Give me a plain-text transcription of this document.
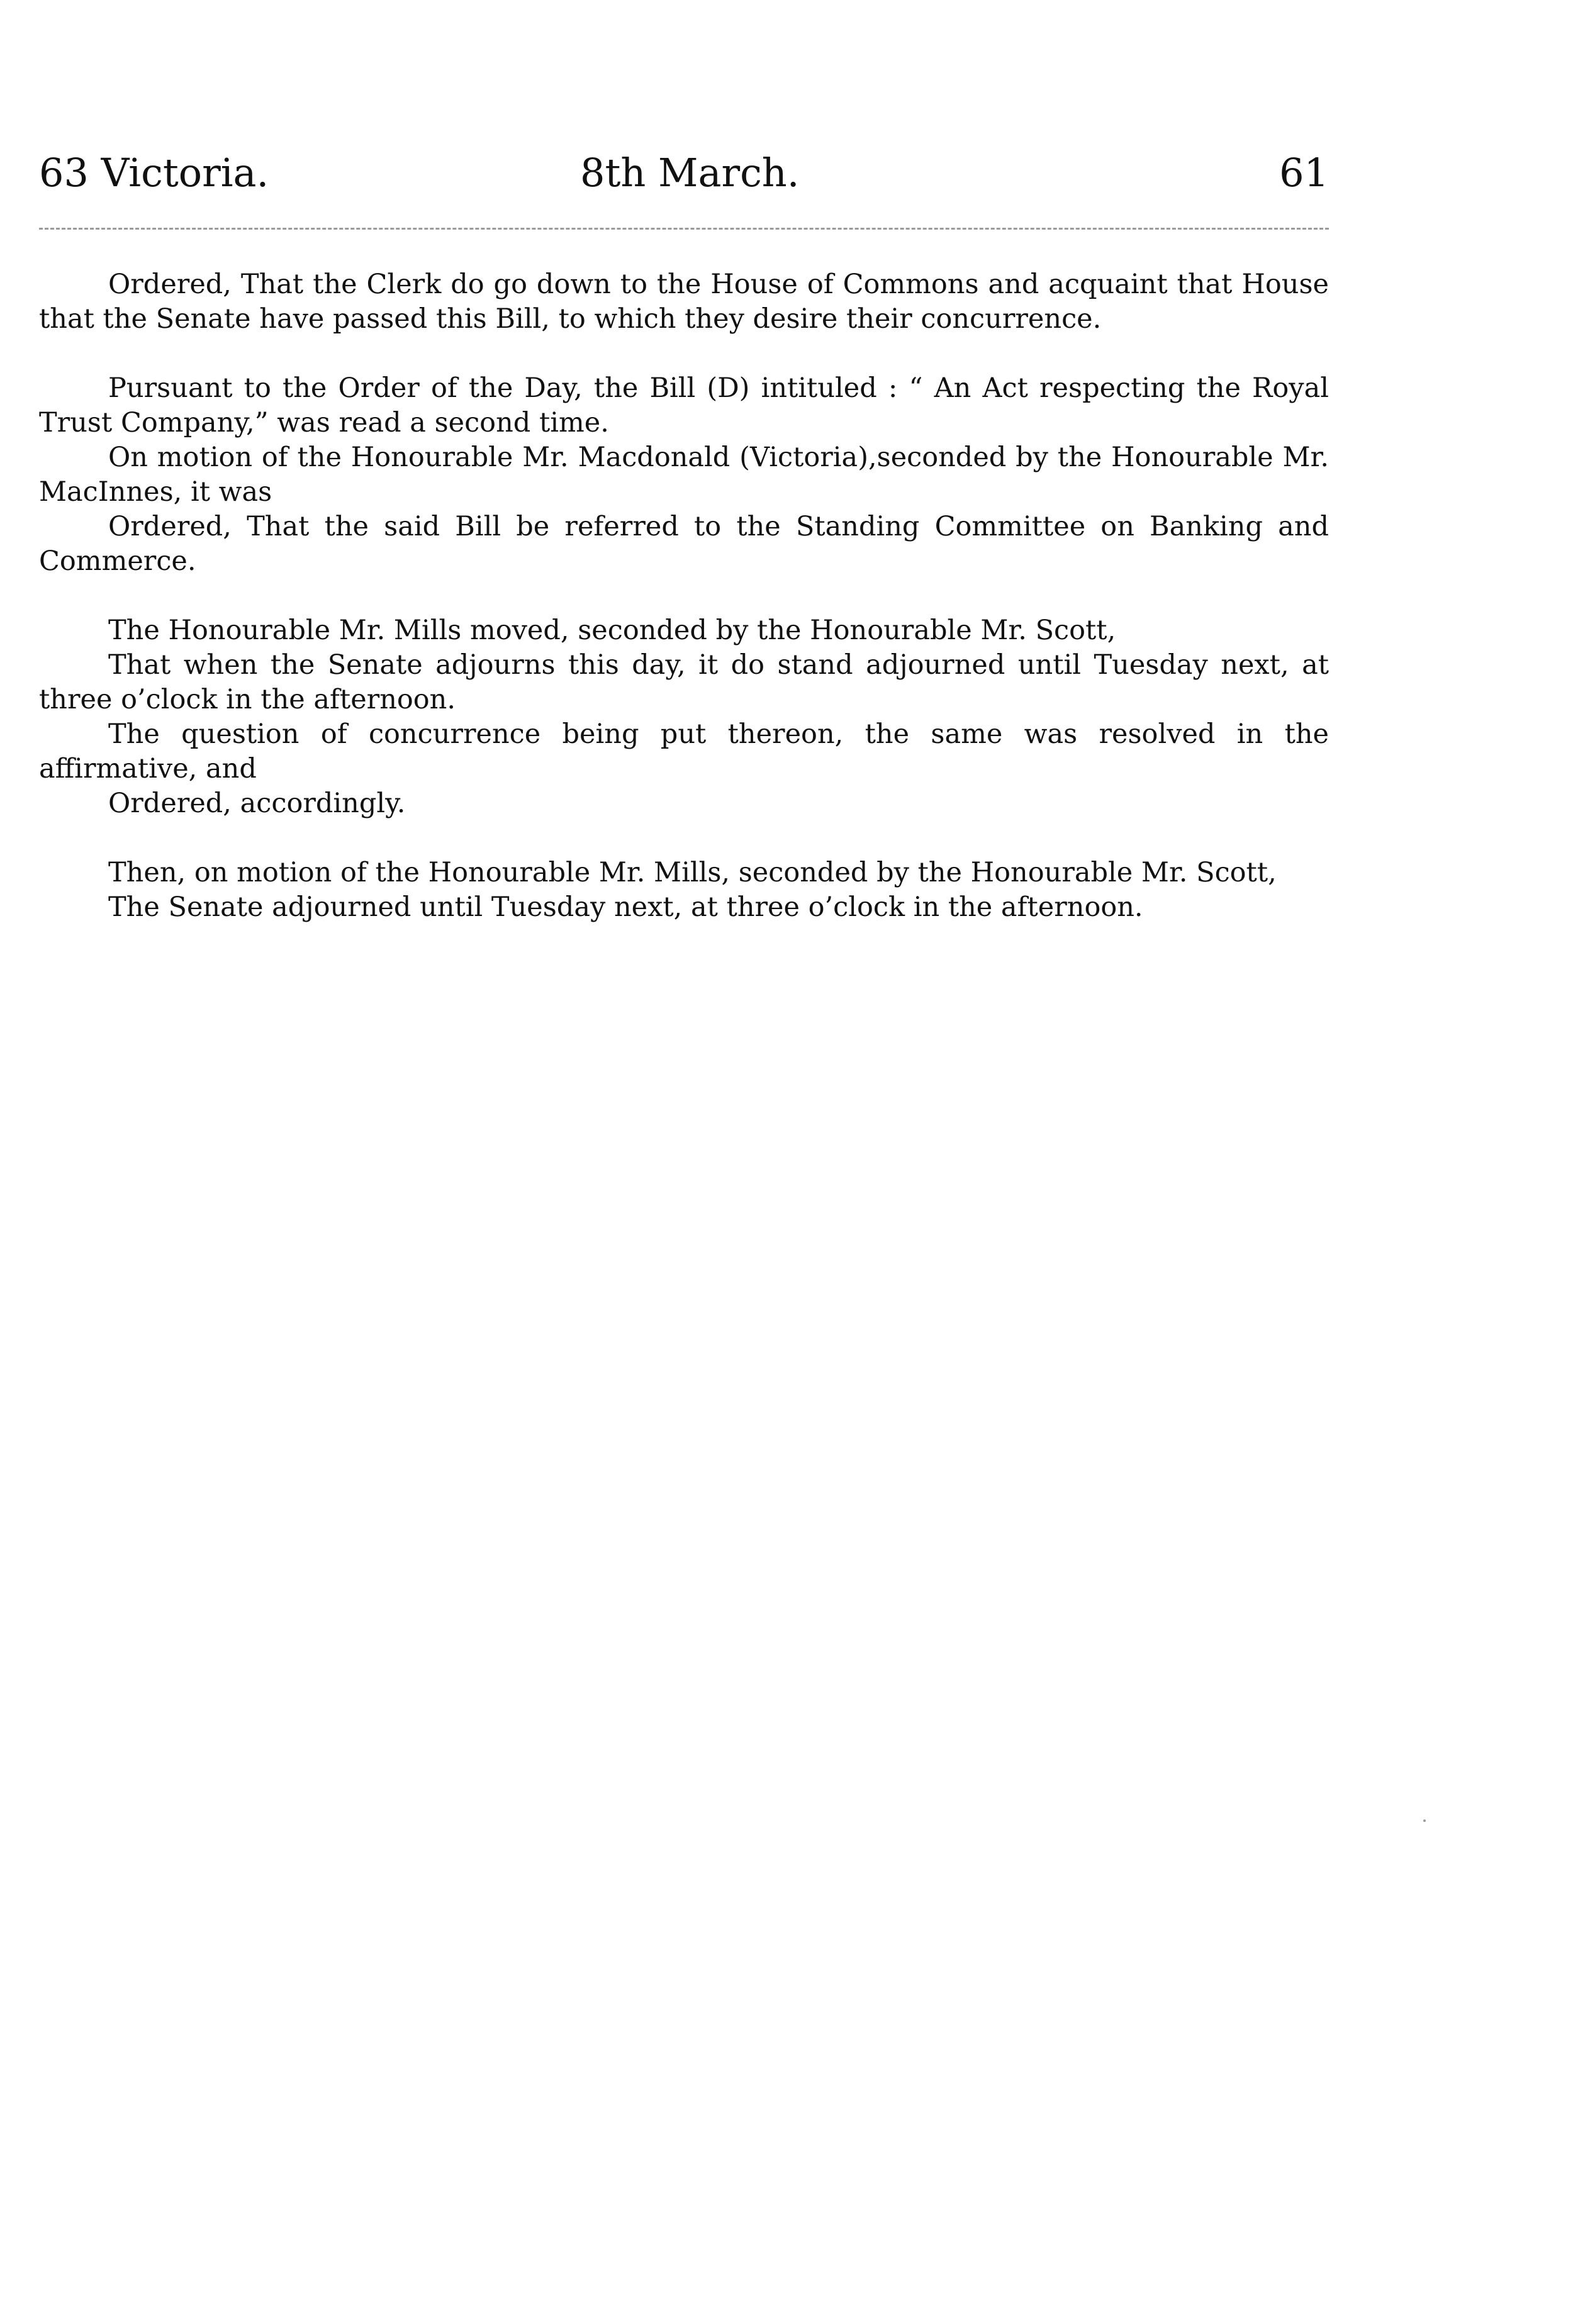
63 Victoria.	8th March.	61

Ordered, That the Clerk do go down to the House of Commons and acquaint that House that the Senate have passed this Bill, to which they desire their concurrence.

Pursuant to the Order of the Day, the Bill (D) intituled : “ An Act respecting the Royal Trust Company,” was read a second time.

On motion of the Honourable Mr. Macdonald (Victoria),seconded by the Honourable Mr. MacInnes, it was

Ordered, That the said Bill be referred to the Standing Committee on Banking and Commerce.

The Honourable Mr. Mills moved, seconded by the Honourable Mr. Scott,

That when the Senate adjourns this day, it do stand adjourned until Tuesday next, at three o’clock in the afternoon.

The question of concurrence being put thereon, the same was resolved in the affirmative, and

Ordered, accordingly.

Then, on motion of the Honourable Mr. Mills, seconded by the Honourable Mr. Scott,

The Senate adjourned until Tuesday next, at three o’clock in the afternoon.
